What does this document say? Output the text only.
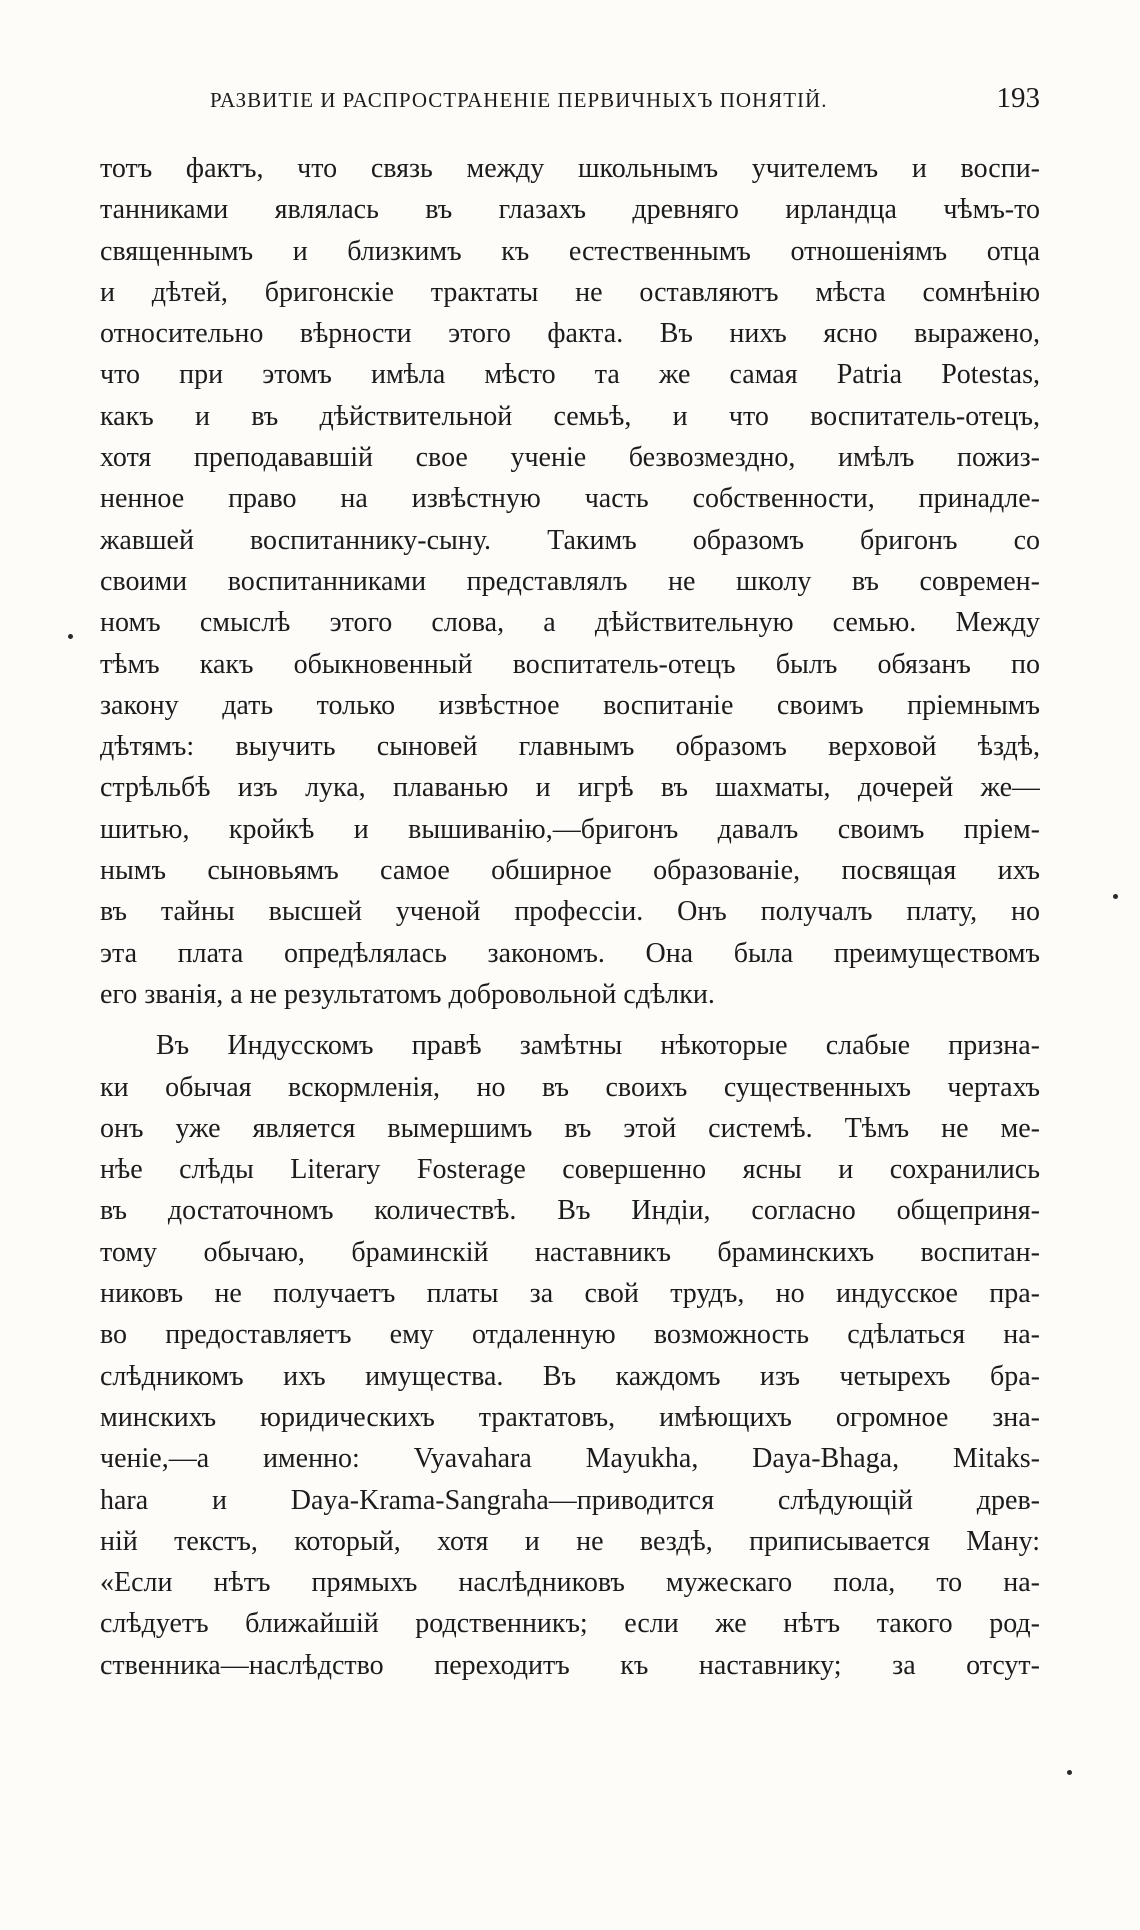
РАЗВИТІЕ И РАСПРОСТРАНЕНІЕ ПЕРВИЧНЫХЪ ПОНЯТІЙ.	193
тотъ фактъ, что связь между школьнымъ учителемъ и воспи-
танниками являлась въ глазахъ древняго ирландца чѣмъ-то
священнымъ и близкимъ къ естественнымъ отношеніямъ отца
и дѣтей, бригонскіе трактаты не оставляютъ мѣста сомнѣнію
относительно вѣрности этого факта. Въ нихъ ясно выражено,
что при этомъ имѣла мѣсто та же самая Patria Potestas,
какъ и въ дѣйствительной семьѣ, и что воспитатель-отецъ,
хотя преподававшій свое ученіе безвозмездно, имѣлъ пожиз-
ненное право на извѣстную часть собственности, принадле-
жавшей воспитаннику-сыну. Такимъ образомъ бригонъ со
своими воспитанниками представлялъ не школу въ современ-
номъ смыслѣ этого слова, а дѣйствительную семью. Между
тѣмъ какъ обыкновенный воспитатель-отецъ былъ обязанъ по
закону дать только извѣстное воспитаніе своимъ пріемнымъ
дѣтямъ: выучить сыновей главнымъ образомъ верховой ѣздѣ,
стрѣльбѣ изъ лука, плаванью и игрѣ въ шахматы, дочерей же—
шитью, кройкѣ и вышиванію,—бригонъ давалъ своимъ пріем-
нымъ сыновьямъ самое обширное образованіе, посвящая ихъ
въ тайны высшей ученой профессіи. Онъ получалъ плату, но
эта плата опредѣлялась закономъ. Она была преимуществомъ
его званія, а не результатомъ добровольной сдѣлки.
Въ Индусскомъ правѣ замѣтны нѣкоторые слабые призна-
ки обычая вскормленія, но въ своихъ существенныхъ чертахъ
онъ уже является вымершимъ въ этой системѣ. Тѣмъ не ме-
нѣе слѣды Literary Fosterage совершенно ясны и сохранились
въ достаточномъ количествѣ. Въ Индіи, согласно общеприня-
тому обычаю, браминскій наставникъ браминскихъ воспитан-
никовъ не получаетъ платы за свой трудъ, но индусское пра-
во предоставляетъ ему отдаленную возможность сдѣлаться на-
слѣдникомъ ихъ имущества. Въ каждомъ изъ четырехъ бра-
минскихъ юридическихъ трактатовъ, имѣющихъ огромное зна-
ченіе,—а именно: Vyavahara Mayukha, Daya-Bhaga, Mitaks-
hara и Daya-Krama-Sangraha—приводится слѣдующій древ-
ній текстъ, который, хотя и не вездѣ, приписывается Ману:
«Если нѣтъ прямыхъ наслѣдниковъ мужескаго пола, то на-
слѣдуетъ ближайшій родственникъ; если же нѣтъ такого род-
ственника—наслѣдство переходитъ къ наставнику; за отсут-
